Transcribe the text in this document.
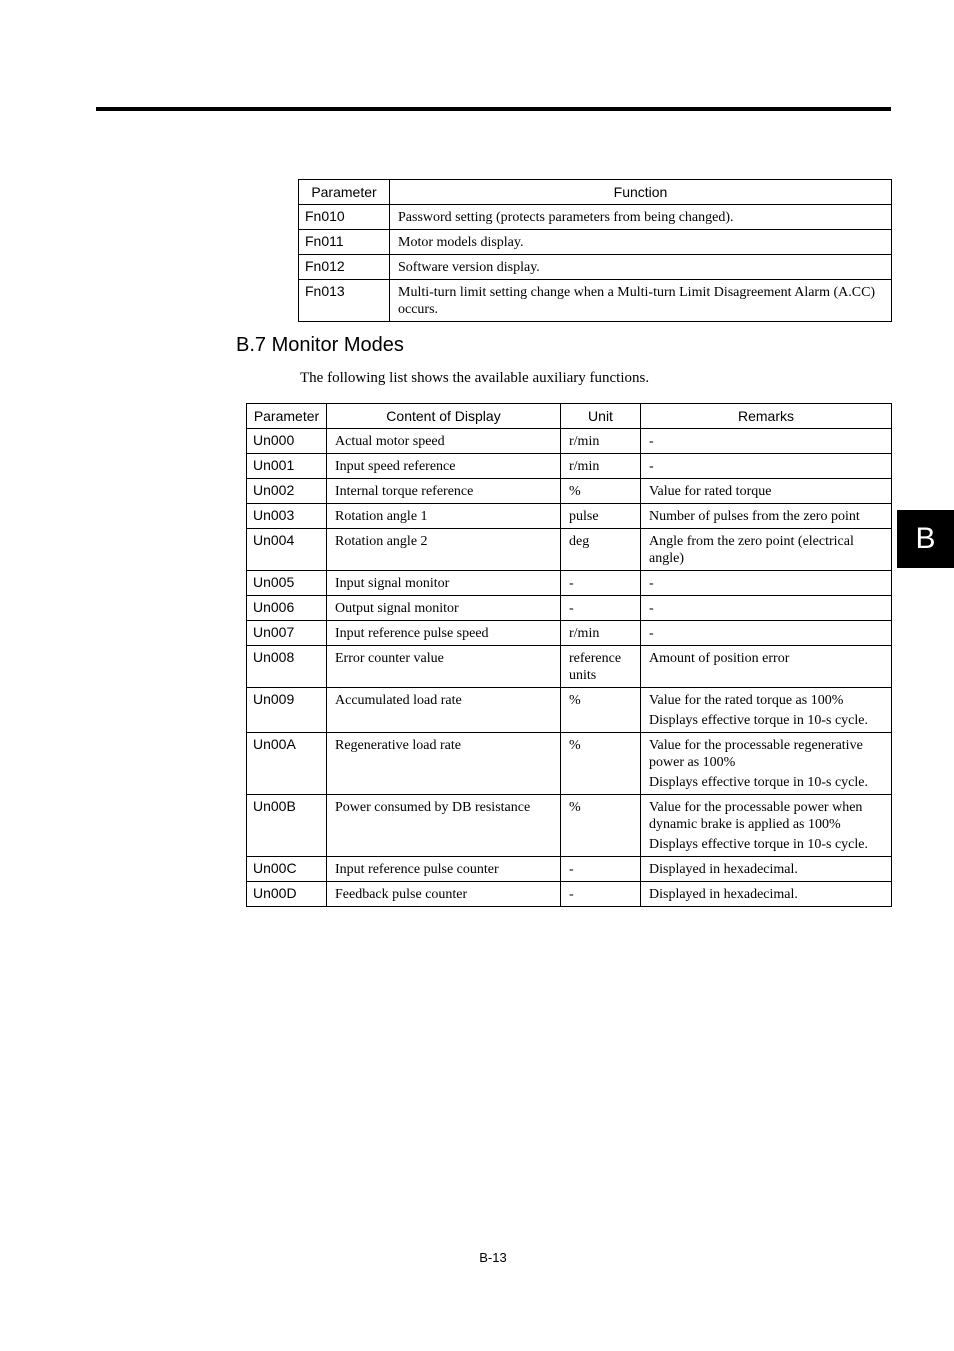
Parameter	Function
Fn010	Password setting (protects parameters from being changed).
Fn011	Motor models display.
Fn012	Software version display.
Fn013	Multi-turn limit setting change when a Multi-turn Limit Disagreement Alarm (A.CC) occurs.
B.7 Monitor Modes

The following list shows the available auxiliary functions.

Parameter	Content of Display	Unit	Remarks
Un000	Actual motor speed	r/min	-

Un001	Input speed reference	r/min	-

Un002	Internal torque reference	%	Value for rated torque

Un003	Rotation angle 1	pulse	Number of pulses from the zero point

Un004	Rotation angle 2	deg	Angle from the zero point (electrical angle)

Un005	Input signal monitor	-	-

Un006	Output signal monitor	-	-

Un007	Input reference pulse speed	r/min	-

Un008	Error counter value	reference units	Amount of position error

Un009	Accumulated load rate	%	Value for the rated torque as 100%
Displays effective torque in 10-s cycle.

Un00A	Regenerative load rate	%	Value for the processable regenerative power as 100%
Displays effective torque in 10-s cycle.

Un00B	Power consumed by DB resistance	%	Value for the processable power when dynamic brake is applied as 100%
Displays effective torque in 10-s cycle.

Un00C	Input reference pulse counter	-	Displayed in hexadecimal.

Un00D	Feedback pulse counter	-	Displayed in hexadecimal.
B
B-13
